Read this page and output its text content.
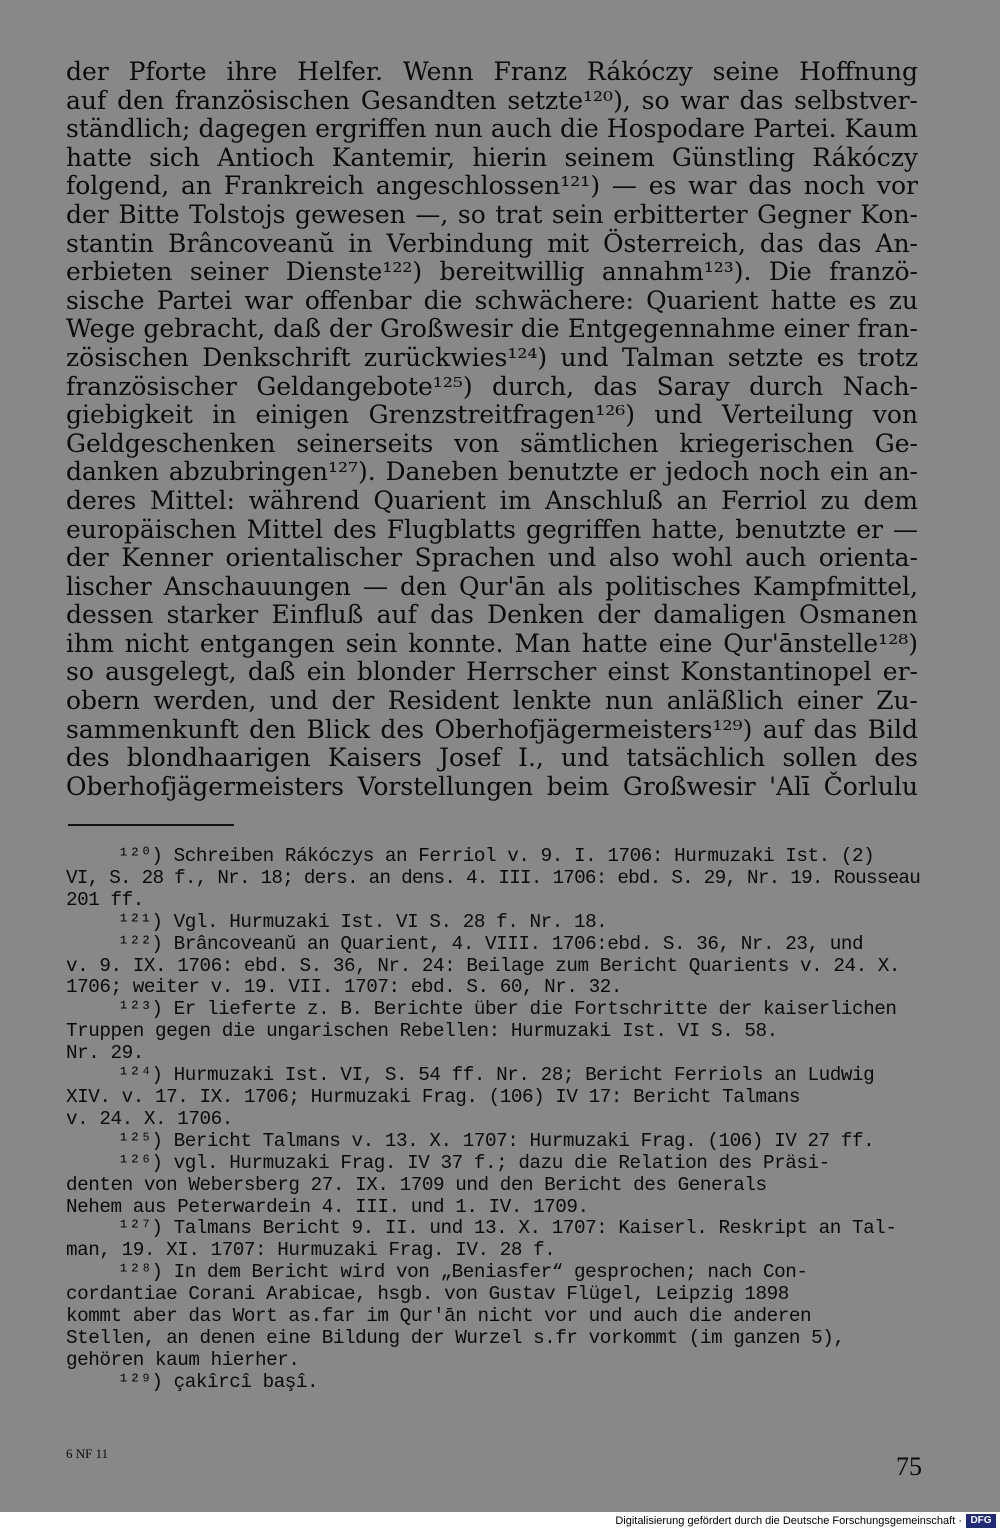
der Pforte ihre Helfer. Wenn Franz Rákóczy seine Hoffnung
auf den französischen Gesandten setzte¹²⁰), so war das selbstver-
ständlich; dagegen ergriffen nun auch die Hospodare Partei. Kaum
hatte sich Antioch Kantemir, hierin seinem Günstling Rákóczy
folgend, an Frankreich angeschlossen¹²¹) — es war das noch vor
der Bitte Tolstojs gewesen —, so trat sein erbitterter Gegner Kon-
stantin Brâncoveanŭ in Verbindung mit Österreich, das das An-
erbieten seiner Dienste¹²²) bereitwillig annahm¹²³). Die franzö-
sische Partei war offenbar die schwächere: Quarient hatte es zu
Wege gebracht, daß der Großwesir die Entgegennahme einer fran-
zösischen Denkschrift zurückwies¹²⁴) und Talman setzte es trotz
französischer Geldangebote¹²⁵) durch, das Saray durch Nach-
giebigkeit in einigen Grenzstreitfragen¹²⁶) und Verteilung von
Geldgeschenken seinerseits von sämtlichen kriegerischen Ge-
danken abzubringen¹²⁷). Daneben benutzte er jedoch noch ein an-
deres Mittel: während Quarient im Anschluß an Ferriol zu dem
europäischen Mittel des Flugblatts gegriffen hatte, benutzte er —
der Kenner orientalischer Sprachen und also wohl auch orienta-
lischer Anschauungen — den Qur'ān als politisches Kampfmittel,
dessen starker Einfluß auf das Denken der damaligen Osmanen
ihm nicht entgangen sein konnte. Man hatte eine Qur'ānstelle¹²⁸)
so ausgelegt, daß ein blonder Herrscher einst Konstantinopel er-
obern werden, und der Resident lenkte nun anläßlich einer Zu-
sammenkunft den Blick des Oberhofjägermeisters¹²⁹) auf das Bild
des blondhaarigen Kaisers Josef I., und tatsächlich sollen des
Oberhofjägermeisters Vorstellungen beim Großwesir 'Alī Čorlulu
¹²⁰) Schreiben Rákóczys an Ferriol v. 9. I. 1706: Hurmuzaki Ist. (2)
VI, S. 28 f., Nr. 18; ders. an dens. 4. III. 1706: ebd. S. 29, Nr. 19. Rousseau
201 ff.
¹²¹) Vgl. Hurmuzaki Ist. VI S. 28 f. Nr. 18.
¹²²) Brâncoveanŭ an Quarient, 4. VIII. 1706:ebd. S. 36, Nr. 23, und
v. 9. IX. 1706: ebd. S. 36, Nr. 24: Beilage zum Bericht Quarients v. 24. X.
1706; weiter v. 19. VII. 1707: ebd. S. 60, Nr. 32.
¹²³) Er lieferte z. B. Berichte über die Fortschritte der kaiserlichen
Truppen gegen die ungarischen Rebellen: Hurmuzaki Ist. VI S. 58.
Nr. 29.
¹²⁴) Hurmuzaki Ist. VI, S. 54 ff. Nr. 28; Bericht Ferriols an Ludwig
XIV. v. 17. IX. 1706; Hurmuzaki Frag. (106) IV 17: Bericht Talmans
v. 24. X. 1706.
¹²⁵) Bericht Talmans v. 13. X. 1707: Hurmuzaki Frag. (106) IV 27 ff.
¹²⁶) vgl. Hurmuzaki Frag. IV 37 f.; dazu die Relation des Präsi-
denten von Webersberg 27. IX. 1709 und den Bericht des Generals
Nehem aus Peterwardein 4. III. und 1. IV. 1709.
¹²⁷) Talmans Bericht 9. II. und 13. X. 1707: Kaiserl. Reskript an Tal-
man, 19. XI. 1707: Hurmuzaki Frag. IV. 28 f.
¹²⁸) In dem Bericht wird von „Beniasfer“ gesprochen; nach Con-
cordantiae Corani Arabicae, hsgb. von Gustav Flügel, Leipzig 1898
kommt aber das Wort as.far im Qur'ān nicht vor und auch die anderen
Stellen, an denen eine Bildung der Wurzel s.fr vorkommt (im ganzen 5),
gehören kaum hierher.
¹²⁹) çakîrcî başî.
6 NF 11	75
Digitalisierung gefördert durch die Deutsche Forschungsgemeinschaft · DFG
